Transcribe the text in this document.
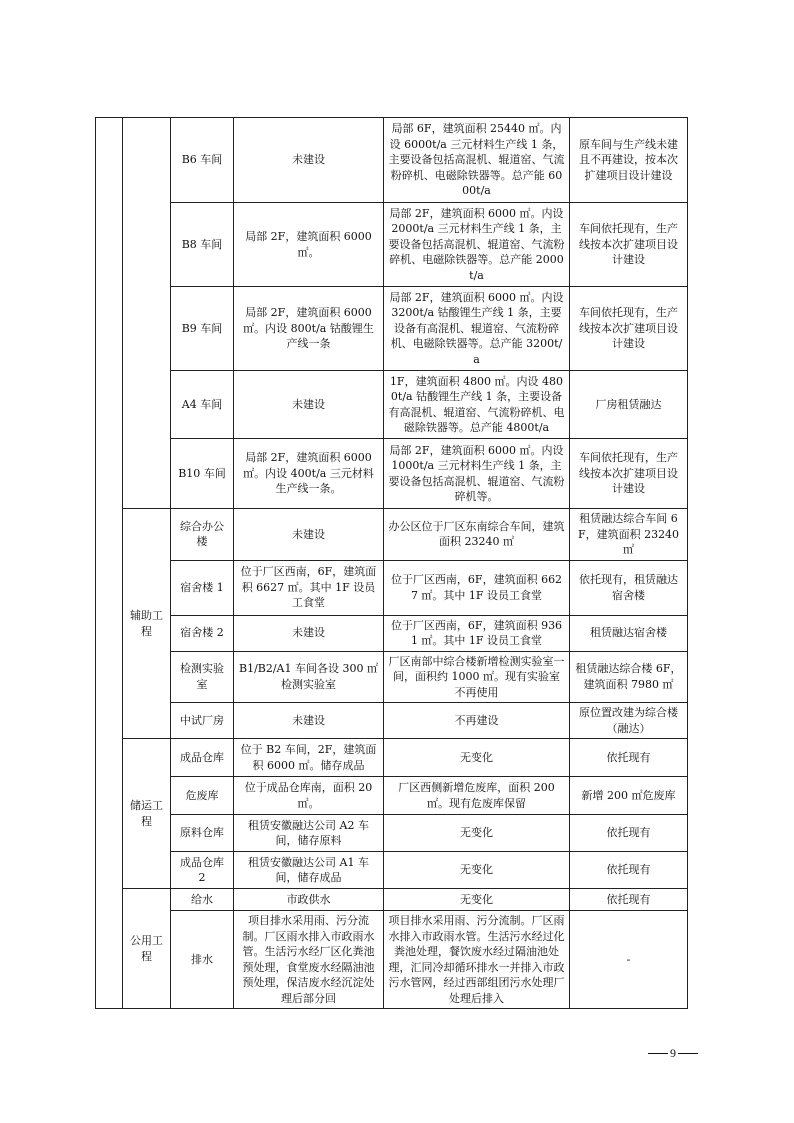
		B6 车间	未建设	局部 6F，建筑面积 25440 ㎡。内设 6000t/a 三元材料生产线 1 条，主要设备包括高混机、辊道窑、气流粉碎机、电磁除铁器等。总产能 6000t/a	原车间与生产线未建且不再建设，按本次扩建项目设计建设
		B8 车间	局部 2F，建筑面积 6000 ㎡。	局部 2F，建筑面积 6000 ㎡。内设 2000t/a 三元材料生产线 1 条，主要设备包括高混机、辊道窑、气流粉碎机、电磁除铁器等。总产能 2000t/a	车间依托现有，生产线按本次扩建项目设计建设
		B9 车间	局部 2F，建筑面积 6000 ㎡。内设 800t/a 钴酸锂生产线一条	局部 2F，建筑面积 6000 ㎡。内设 3200t/a 钴酸锂生产线 1 条，主要设备有高混机、辊道窑、气流粉碎机、电磁除铁器等。总产能 3200t/a	车间依托现有，生产线按本次扩建项目设计建设
		A4 车间	未建设	1F，建筑面积 4800 ㎡。内设 4800t/a 钴酸锂生产线 1 条，主要设备有高混机、辊道窑、气流粉碎机、电磁除铁器等。总产能 4800t/a	厂房租赁融达
		B10 车间	局部 2F，建筑面积 6000 ㎡。内设 400t/a 三元材料生产线一条。	局部 2F，建筑面积 6000 ㎡。内设 1000t/a 三元材料生产线 1 条，主要设备包括高混机、辊道窑、气流粉碎机等。	车间依托现有，生产线按本次扩建项目设计建设
	辅助工程	综合办公楼	未建设	办公区位于厂区东南综合车间，建筑面积 23240 ㎡	租赁融达综合车间 6F，建筑面积 23240 ㎡
		宿舍楼 1	位于厂区西南，6F，建筑面积 6627 ㎡。其中 1F 设员工食堂	位于厂区西南，6F，建筑面积 6627 ㎡。其中 1F 设员工食堂	依托现有，租赁融达宿舍楼
		宿舍楼 2	未建设	位于厂区西南，6F，建筑面积 9361 ㎡。其中 1F 设员工食堂	租赁融达宿舍楼
		检测实验室	B1/B2/A1 车间各设 300 ㎡检测实验室	厂区南部中综合楼新增检测实验室一间，面积约 1000 ㎡。现有实验室不再使用	租赁融达综合楼 6F，建筑面积 7980 ㎡
		中试厂房	未建设	不再建设	原位置改建为综合楼（融达）
	储运工程	成品仓库	位于 B2 车间，2F，建筑面积 6000 ㎡。储存成品	无变化	依托现有
		危废库	位于成品仓库南，面积 20 ㎡。	厂区西侧新增危废库，面积 200 ㎡。现有危废库保留	新增 200 ㎡危废库
		原料仓库	租赁安徽融达公司 A2 车间，储存原料	无变化	依托现有
		成品仓库 2	租赁安徽融达公司 A1 车间，储存成品	无变化	依托现有
	公用工程	给水	市政供水	无变化	依托现有
		排水	项目排水采用雨、污分流制。厂区雨水排入市政雨水管。生活污水经厂区化粪池预处理，食堂废水经隔油池预处理，保洁废水经沉淀处理后部分回	项目排水采用雨、污分流制。厂区雨水排入市政雨水管。生活污水经过化粪池处理，餐饮废水经过隔油池处理，汇同冷却循环排水一并排入市政污水管网，经过西部组团污水处理厂处理后排入	-
9
